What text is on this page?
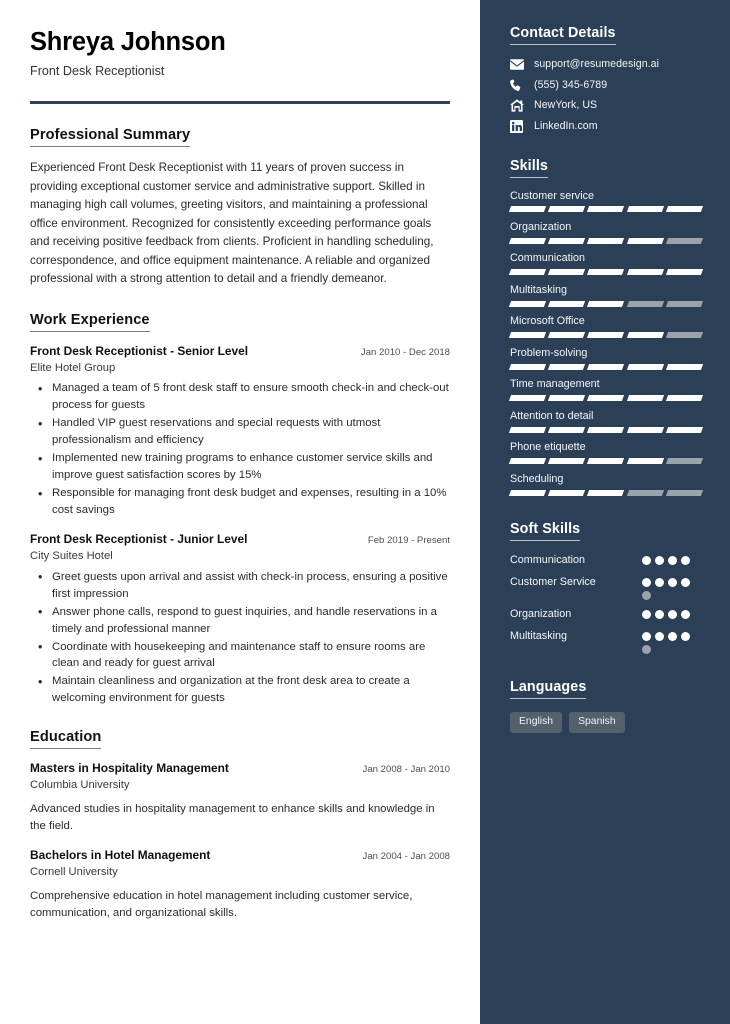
Shreya Johnson
Front Desk Receptionist
Professional Summary

Experienced Front Desk Receptionist with 11 years of proven success in providing exceptional customer service and administrative support. Skilled in managing high call volumes, greeting visitors, and maintaining a professional office environment. Recognized for consistently exceeding performance goals and receiving positive feedback from clients. Proficient in handling scheduling, correspondence, and office equipment maintenance. A reliable and organized professional with a strong attention to detail and a friendly demeanor.

Work Experience
Front Desk Receptionist - Senior Level	Jan 2010 - Dec 2018
Elite Hotel Group
• Managed a team of 5 front desk staff to ensure smooth check-in and check-out process for guests
• Handled VIP guest reservations and special requests with utmost professionalism and efficiency
• Implemented new training programs to enhance customer service skills and improve guest satisfaction scores by 15%
• Responsible for managing front desk budget and expenses, resulting in a 10% cost savings
Front Desk Receptionist - Junior Level	Feb 2019 - Present
City Suites Hotel
• Greet guests upon arrival and assist with check-in process, ensuring a positive first impression
• Answer phone calls, respond to guest inquiries, and handle reservations in a timely and professional manner
• Coordinate with housekeeping and maintenance staff to ensure rooms are clean and ready for guest arrival
• Maintain cleanliness and organization at the front desk area to create a welcoming environment for guests
Education
Masters in Hospitality Management	Jan 2008 - Jan 2010
Columbia University
Advanced studies in hospitality management to enhance skills and knowledge in the field.
Bachelors in Hotel Management	Jan 2004 - Jan 2008
Cornell University
Comprehensive education in hotel management including customer service, communication, and organizational skills.
Contact Details
support@resumedesign.ai
(555) 345-6789
NewYork, US
LinkedIn.com
Skills
Customer service
Organization
Communication
Multitasking
Microsoft Office
Problem-solving
Time management
Attention to detail
Phone etiquette
Scheduling
Soft Skills
Communication
Customer Service
Organization
Multitasking
Languages
English	Spanish
